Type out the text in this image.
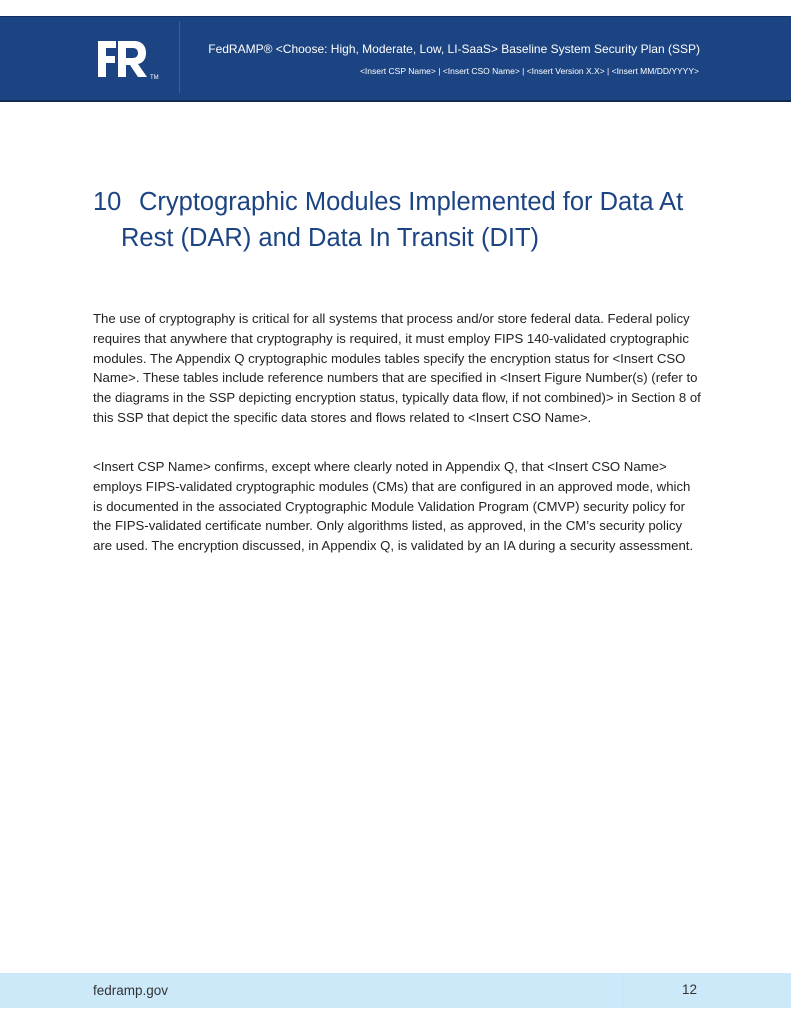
TM
FedRAMP® <Choose: High, Moderate, Low, LI-SaaS> Baseline System Security Plan (SSP)
<Insert CSP Name> | <Insert CSO Name> | <Insert Version X.X> | <Insert MM/DD/YYYY>
10 Cryptographic Modules Implemented for Data At
Rest (DAR) and Data In Transit (DIT)

The use of cryptography is critical for all systems that process and/or store federal data. Federal policy requires that anywhere that cryptography is required, it must employ FIPS 140-validated cryptographic modules. The Appendix Q cryptographic modules tables specify the encryption status for <Insert CSO Name>. These tables include reference numbers that are specified in <Insert Figure Number(s) (refer to the diagrams in the SSP depicting encryption status, typically data flow, if not combined)> in Section 8 of this SSP that depict the specific data stores and flows related to <Insert CSO Name>.

<Insert CSP Name> confirms, except where clearly noted in Appendix Q, that <Insert CSO Name> employs FIPS-validated cryptographic modules (CMs) that are configured in an approved mode, which is documented in the associated Cryptographic Module Validation Program (CMVP) security policy for the FIPS-validated certificate number. Only algorithms listed, as approved, in the CM’s security policy are used. The encryption discussed, in Appendix Q, is validated by an IA during a security assessment.

fedramp.gov	12
